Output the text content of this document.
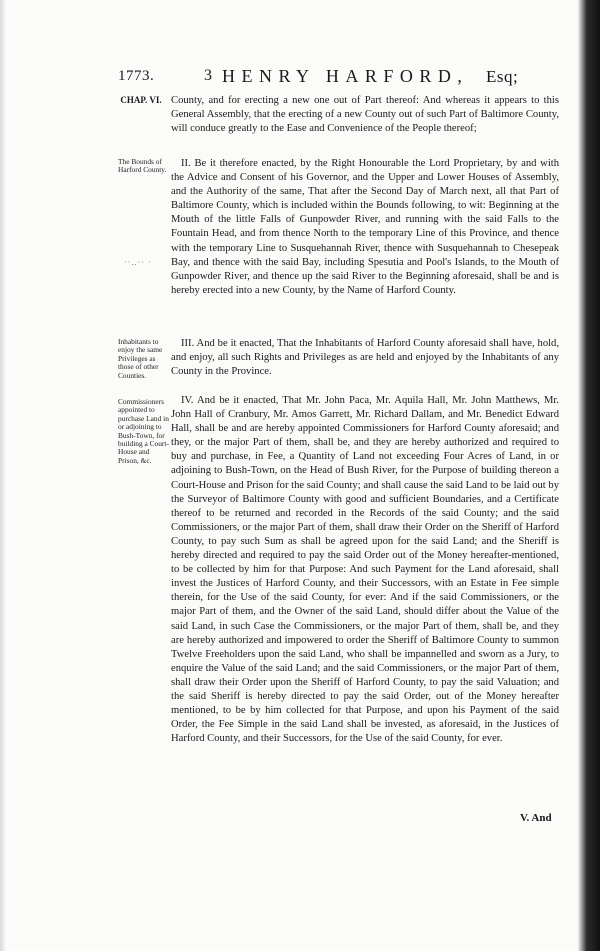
1773.	3 HENRY HARFORD, Esq;
CHAP. VI.
The Bounds of Harford County.
··‥·· ·
Inhabitants to enjoy the same Privileges as those of other Counties.
Commissioners appointed to purchase Land in or adjoining to Bush-Town, for building a Court-House and Prison, &c.
County, and for erecting a new one out of Part thereof: And whereas it appears to this General Assembly, that the erecting of a new County out of such Part of Baltimore County, will conduce greatly to the Ease and Convenience of the People thereof;
II. Be it therefore enacted, by the Right Honourable the Lord Proprietary, by and with the Advice and Consent of his Governor, and the Upper and Lower Houses of Assembly, and the Authority of the same, That after the Second Day of March next, all that Part of Baltimore County, which is included within the Bounds following, to wit: Beginning at the Mouth of the little Falls of Gunpowder River, and running with the said Falls to the Fountain Head, and from thence North to the temporary Line of this Province, and thence with the temporary Line to Susquehannah River, thence with Susquehannah to Chesepeak Bay, and thence with the said Bay, including Spesutia and Pool's Islands, to the Mouth of Gunpowder River, and thence up the said River to the Beginning aforesaid, shall be and is hereby erected into a new County, by the Name of Harford County.
III. And be it enacted, That the Inhabitants of Harford County aforesaid shall have, hold, and enjoy, all such Rights and Privileges as are held and enjoyed by the Inhabitants of any County in the Province.
IV. And be it enacted, That Mr. John Paca, Mr. Aquila Hall, Mr. John Matthews, Mr. John Hall of Cranbury, Mr. Amos Garrett, Mr. Richard Dallam, and Mr. Benedict Edward Hall, shall be and are hereby appointed Commissioners for Harford County aforesaid; and they, or the major Part of them, shall be, and they are hereby authorized and required to buy and purchase, in Fee, a Quantity of Land not exceeding Four Acres of Land, in or adjoining to Bush-Town, on the Head of Bush River, for the Purpose of building thereon a Court-House and Prison for the said County; and shall cause the said Land to be laid out by the Surveyor of Baltimore County with good and sufficient Boundaries, and a Certificate thereof to be returned and recorded in the Records of the said County; and the said Commissioners, or the major Part of them, shall draw their Order on the Sheriff of Harford County, to pay such Sum as shall be agreed upon for the said Land; and the Sheriff is hereby directed and required to pay the said Order out of the Money hereafter-mentioned, to be collected by him for that Purpose: And such Payment for the Land aforesaid, shall invest the Justices of Harford County, and their Successors, with an Estate in Fee simple therein, for the Use of the said County, for ever: And if the said Commissioners, or the major Part of them, and the Owner of the said Land, should differ about the Value of the said Land, in such Case the Commissioners, or the major Part of them, shall be, and they are hereby authorized and impowered to order the Sheriff of Baltimore County to summon Twelve Freeholders upon the said Land, who shall be impannelled and sworn as a Jury, to enquire the Value of the said Land; and the said Commissioners, or the major Part of them, shall draw their Order upon the Sheriff of Harford County, to pay the said Valuation; and the said Sheriff is hereby directed to pay the said Order, out of the Money hereafter mentioned, to be by him collected for that Purpose, and upon his Payment of the said Order, the Fee Simple in the said Land shall be invested, as aforesaid, in the Justices of Harford County, and their Successors, for the Use of the said County, for ever.
V. And
